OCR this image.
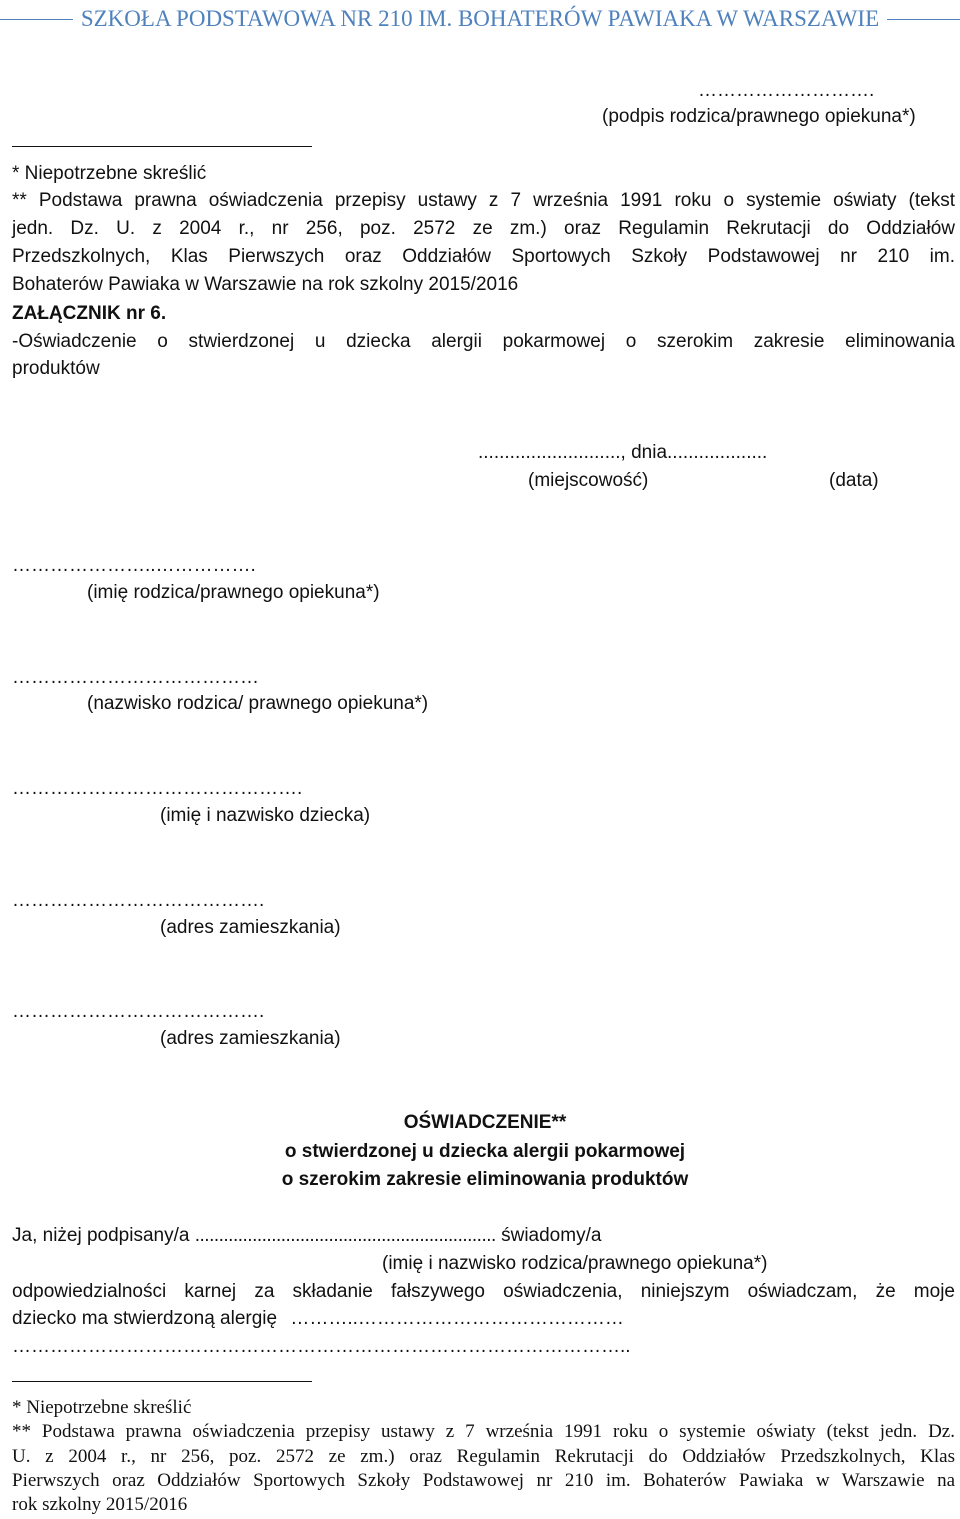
SZKOŁA PODSTAWOWA NR 210 IM. BOHATERÓW PAWIAKA W WARSZAWIE
……………………….
(podpis rodzica/prawnego opiekuna*)
* Niepotrzebne skreślić
** Podstawa prawna oświadczenia przepisy ustawy z 7 września 1991 roku o systemie oświaty (tekst
jedn. Dz. U. z 2004 r., nr 256, poz. 2572 ze zm.) oraz Regulamin Rekrutacji do Oddziałów
Przedszkolnych, Klas Pierwszych oraz Oddziałów Sportowych Szkoły Podstawowej nr 210 im.
Bohaterów Pawiaka w Warszawie na rok szkolny 2015/2016
ZAŁĄCZNIK nr 6.
-Oświadczenie o stwierdzonej u dziecka alergii pokarmowej o szerokim zakresie eliminowania
produktów
..........................., dnia...................
(miejscowość)	(data)
…………………..…………….
(imię rodzica/prawnego opiekuna*)
…………………………………
(nazwisko rodzica/ prawnego opiekuna*)
……………………………………….
(imię i nazwisko dziecka)
………………………………….
(adres zamieszkania)
………………………………….
(adres zamieszkania)
OŚWIADCZENIE**
o stwierdzonej u dziecka alergii pokarmowej
o szerokim zakresie eliminowania produktów
Ja, niżej podpisany/a ............................................................... świadomy/a
(imię i nazwisko rodzica/prawnego opiekuna*)
odpowiedzialności karnej za składanie fałszywego oświadczenia, niniejszym oświadczam, że moje
dziecko ma stwierdzoną alergię ………..……………………………………
……………………………………………………………………………………..
* Niepotrzebne skreślić
** Podstawa prawna oświadczenia przepisy ustawy z 7 września 1991 roku o systemie oświaty (tekst jedn. Dz.
U. z 2004 r., nr 256, poz. 2572 ze zm.) oraz Regulamin Rekrutacji do Oddziałów Przedszkolnych, Klas
Pierwszych oraz Oddziałów Sportowych Szkoły Podstawowej nr 210 im. Bohaterów Pawiaka w Warszawie na
rok szkolny 2015/2016
